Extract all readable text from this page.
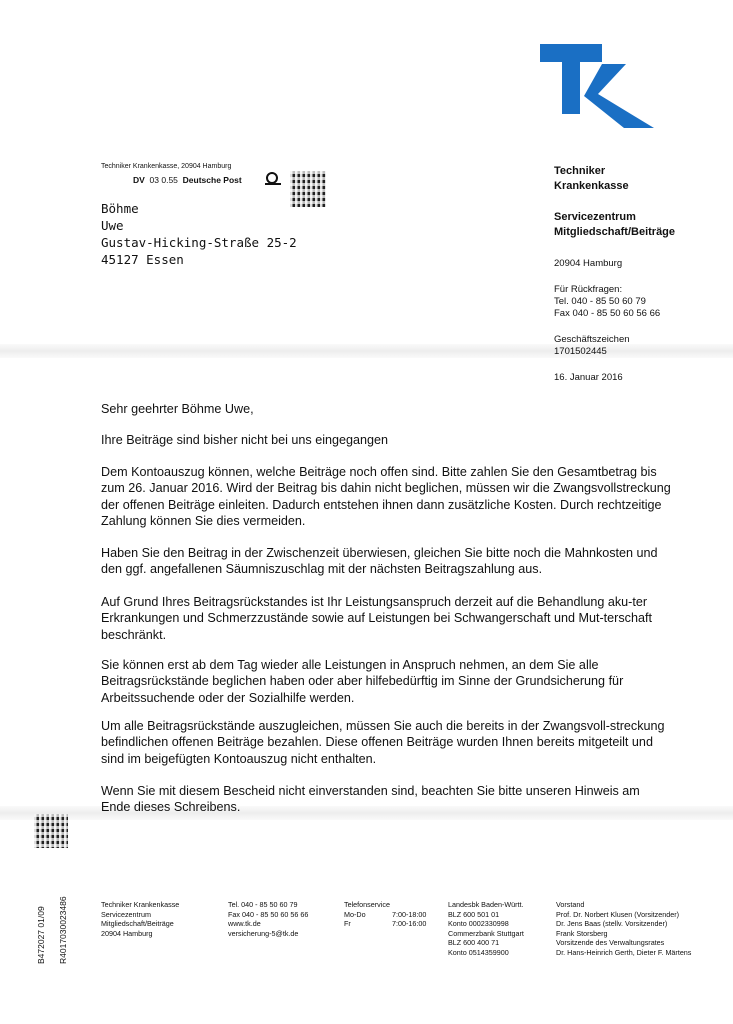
Techniker Krankenkasse, 20904 Hamburg
DV 03 0.55 Deutsche Post
Böhme
Uwe
Gustav-Hicking-Straße 25-2
45127 Essen
Techniker
Krankenkasse
Servicezentrum
Mitgliedschaft/Beiträge
20904 Hamburg
Für Rückfragen:
Tel. 040 - 85 50 60 79
Fax 040 - 85 50 60 56 66
Geschäftszeichen
1701502445
16. Januar 2016

Sehr geehrter Böhme Uwe,

Ihre Beiträge sind bisher nicht bei uns eingegangen

Dem Kontoauszug können, welche Beiträge noch offen sind. Bitte zahlen Sie den Gesamtbetrag bis zum 26. Januar 2016. Wird der Beitrag bis dahin nicht beglichen, müssen wir die Zwangsvollstreckung der offenen Beiträge einleiten. Dadurch entstehen ihnen dann zusätzliche Kosten. Durch rechtzeitige Zahlung können Sie dies vermeiden.

Haben Sie den Beitrag in der Zwischenzeit überwiesen, gleichen Sie bitte noch die Mahnkosten und den ggf. angefallenen Säumniszuschlag mit der nächsten Beitragszahlung aus.

Auf Grund Ihres Beitragsrückstandes ist Ihr Leistungsanspruch derzeit auf die Behandlung aku-ter Erkrankungen und Schmerzzustände sowie auf Leistungen bei Schwangerschaft und Mut-terschaft beschränkt.

Sie können erst ab dem Tag wieder alle Leistungen in Anspruch nehmen, an dem Sie alle Beitragsrückstände beglichen haben oder aber hilfebedürftig im Sinne der Grundsicherung für Arbeitssuchende oder der Sozialhilfe werden.

Um alle Beitragsrückstände auszugleichen, müssen Sie auch die bereits in der Zwangsvoll-streckung befindlichen offenen Beiträge bezahlen. Diese offenen Beiträge wurden Ihnen bereits mitgeteilt und sind im beigefügten Kontoauszug nicht enthalten.

Wenn Sie mit diesem Bescheid nicht einverstanden sind, beachten Sie bitte unseren Hinweis am Ende dieses Schreibens.

B472027 01/09 R4017030023486	Techniker Krankenkasse
Servicezentrum
Mitgliedschaft/Beiträge
20904 Hamburg
Tel. 040 - 85 50 60 79
Fax 040 - 85 50 60 56 66
www.tk.de
versicherung-5@tk.de
Telefonservice
Mo-Do	7:00-18:00
Fr	7:00-16:00
Landesbk Baden-Württ.
BLZ 600 501 01
Konto 0002330998
Commerzbank Stuttgart
BLZ 600 400 71
Konto 0514359900
Vorstand
Prof. Dr. Norbert Klusen (Vorsitzender)
Dr. Jens Baas (stellv. Vorsitzender)
Frank Storsberg
Vorsitzende des Verwaltungsrates
Dr. Hans-Heinrich Gerth, Dieter F. Märtens
